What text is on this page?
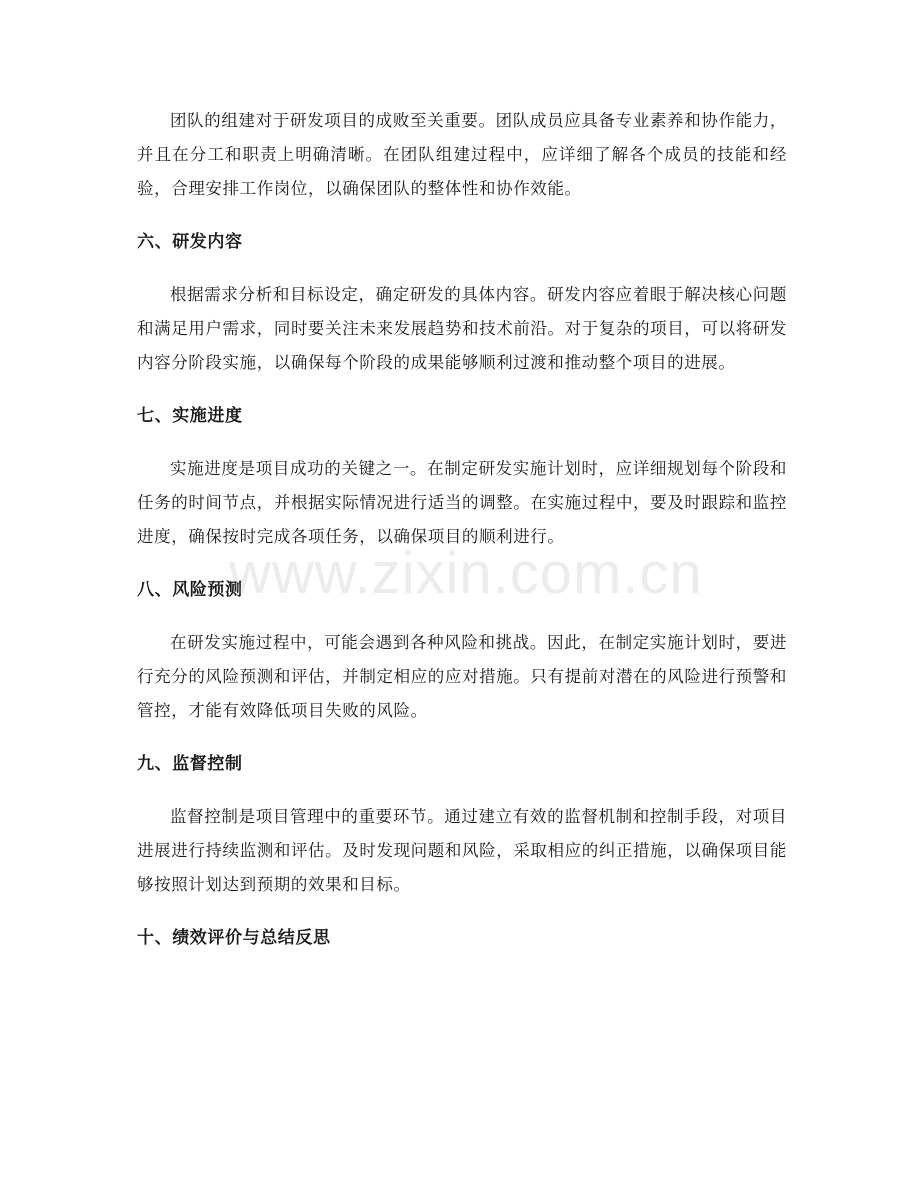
团队的组建对于研发项目的成败至关重要。团队成员应具备专业素养和协作能力，并且在分工和职责上明确清晰。在团队组建过程中，应详细了解各个成员的技能和经验，合理安排工作岗位，以确保团队的整体性和协作效能。

六、研发内容

根据需求分析和目标设定，确定研发的具体内容。研发内容应着眼于解决核心问题和满足用户需求，同时要关注未来发展趋势和技术前沿。对于复杂的项目，可以将研发内容分阶段实施，以确保每个阶段的成果能够顺利过渡和推动整个项目的进展。

七、实施进度

实施进度是项目成功的关键之一。在制定研发实施计划时，应详细规划每个阶段和任务的时间节点，并根据实际情况进行适当的调整。在实施过程中，要及时跟踪和监控进度，确保按时完成各项任务，以确保项目的顺利进行。

八、风险预测

在研发实施过程中，可能会遇到各种风险和挑战。因此，在制定实施计划时，要进行充分的风险预测和评估，并制定相应的应对措施。只有提前对潜在的风险进行预警和管控，才能有效降低项目失败的风险。

九、监督控制

监督控制是项目管理中的重要环节。通过建立有效的监督机制和控制手段，对项目进展进行持续监测和评估。及时发现问题和风险，采取相应的纠正措施，以确保项目能够按照计划达到预期的效果和目标。

十、绩效评价与总结反思
www.zixin.com.cn
